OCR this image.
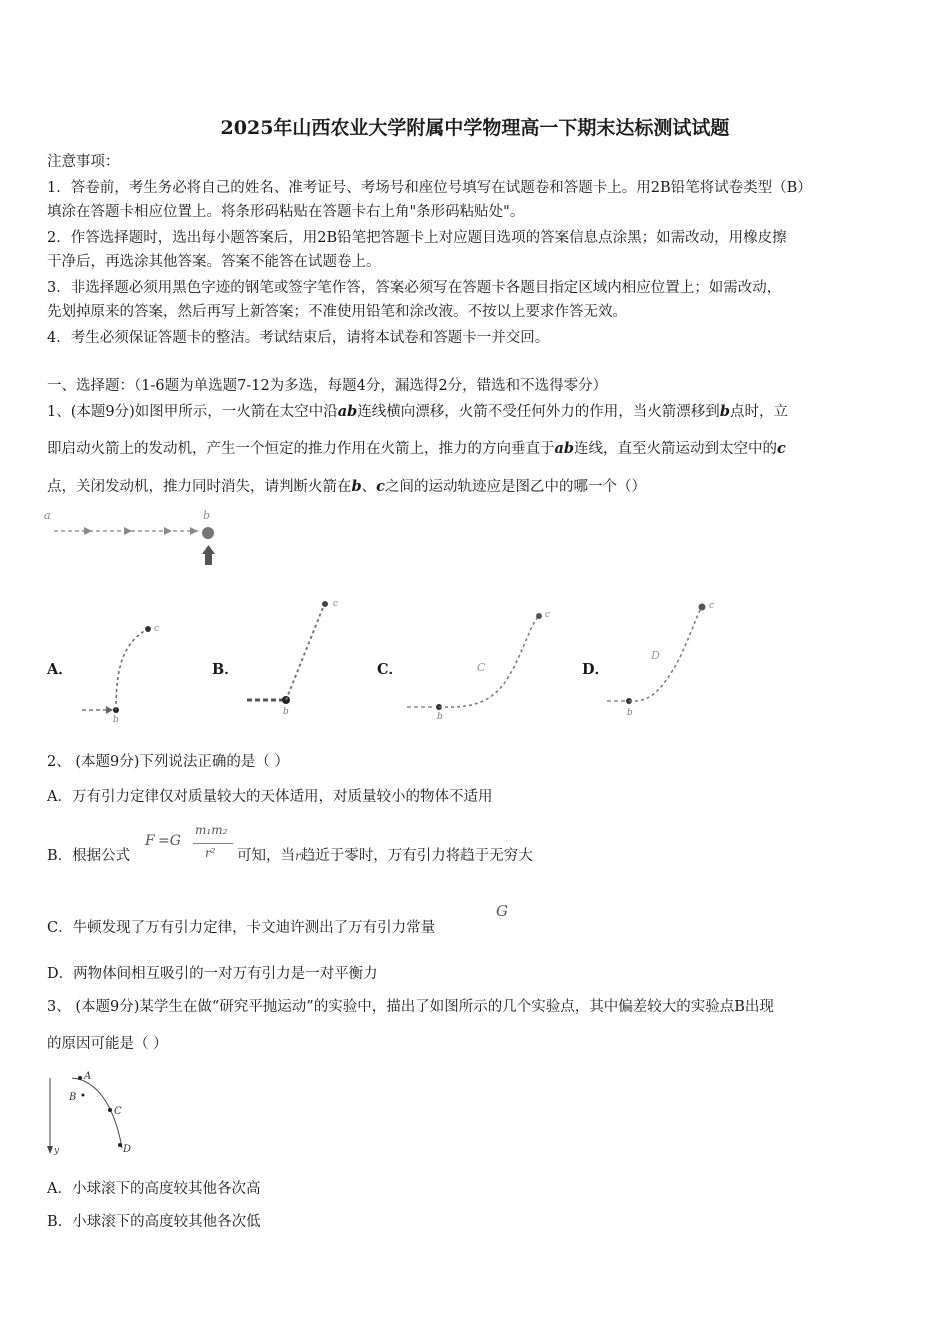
2025年山西农业大学附属中学物理高一下期末达标测试试题
注意事项：
1．答卷前，考生务必将自己的姓名、准考证号、考场号和座位号填写在试题卷和答题卡上。用2B铅笔将试卷类型（B）
填涂在答题卡相应位置上。将条形码粘贴在答题卡右上角"条形码粘贴处"。
2．作答选择题时，选出每小题答案后，用2B铅笔把答题卡上对应题目选项的答案信息点涂黑；如需改动，用橡皮擦
干净后，再选涂其他答案。答案不能答在试题卷上。
3．非选择题必须用黑色字迹的钢笔或签字笔作答，答案必须写在答题卡各题目指定区域内相应位置上；如需改动，
先划掉原来的答案，然后再写上新答案；不准使用铅笔和涂改液。不按以上要求作答无效。
4．考生必须保证答题卡的整洁。考试结束后，请将本试卷和答题卡一并交回。
一、选择题：（1-6题为单选题7-12为多选，每题4分，漏选得2分，错选和不选得零分）
1、(本题9分)如图甲所示，一火箭在太空中沿ab连线横向漂移，火箭不受任何外力的作用，当火箭漂移到b点时，立
即启动火箭上的发动机，产生一个恒定的推力作用在火箭上，推力的方向垂直于ab连线，直至火箭运动到太空中的c
点，关闭发动机，推力同时消失，请判断火箭在b、c之间的运动轨迹应是图乙中的哪一个（）
a	b
A．	B．	C．	D．
b
c
b
c
C
b
c
D
b
c
2、 (本题9分)下列说法正确的是（ ）
A．万有引力定律仅对质量较大的天体适用，对质量较小的物体不适用
B．根据公式
F =G
m₁m₂
r² 可知，当r趋近于零时，万有引力将趋于无穷大
C．牛顿发现了万有引力定律，卡文迪许测出了万有引力常量
G
D．两物体间相互吸引的一对万有引力是一对平衡力
3、 (本题9分)某学生在做“研究平抛运动”的实验中，描出了如图所示的几个实验点，其中偏差较大的实验点B出现
的原因可能是（ ）
y
A
B
C
D
A．小球滚下的高度较其他各次高
B．小球滚下的高度较其他各次低
